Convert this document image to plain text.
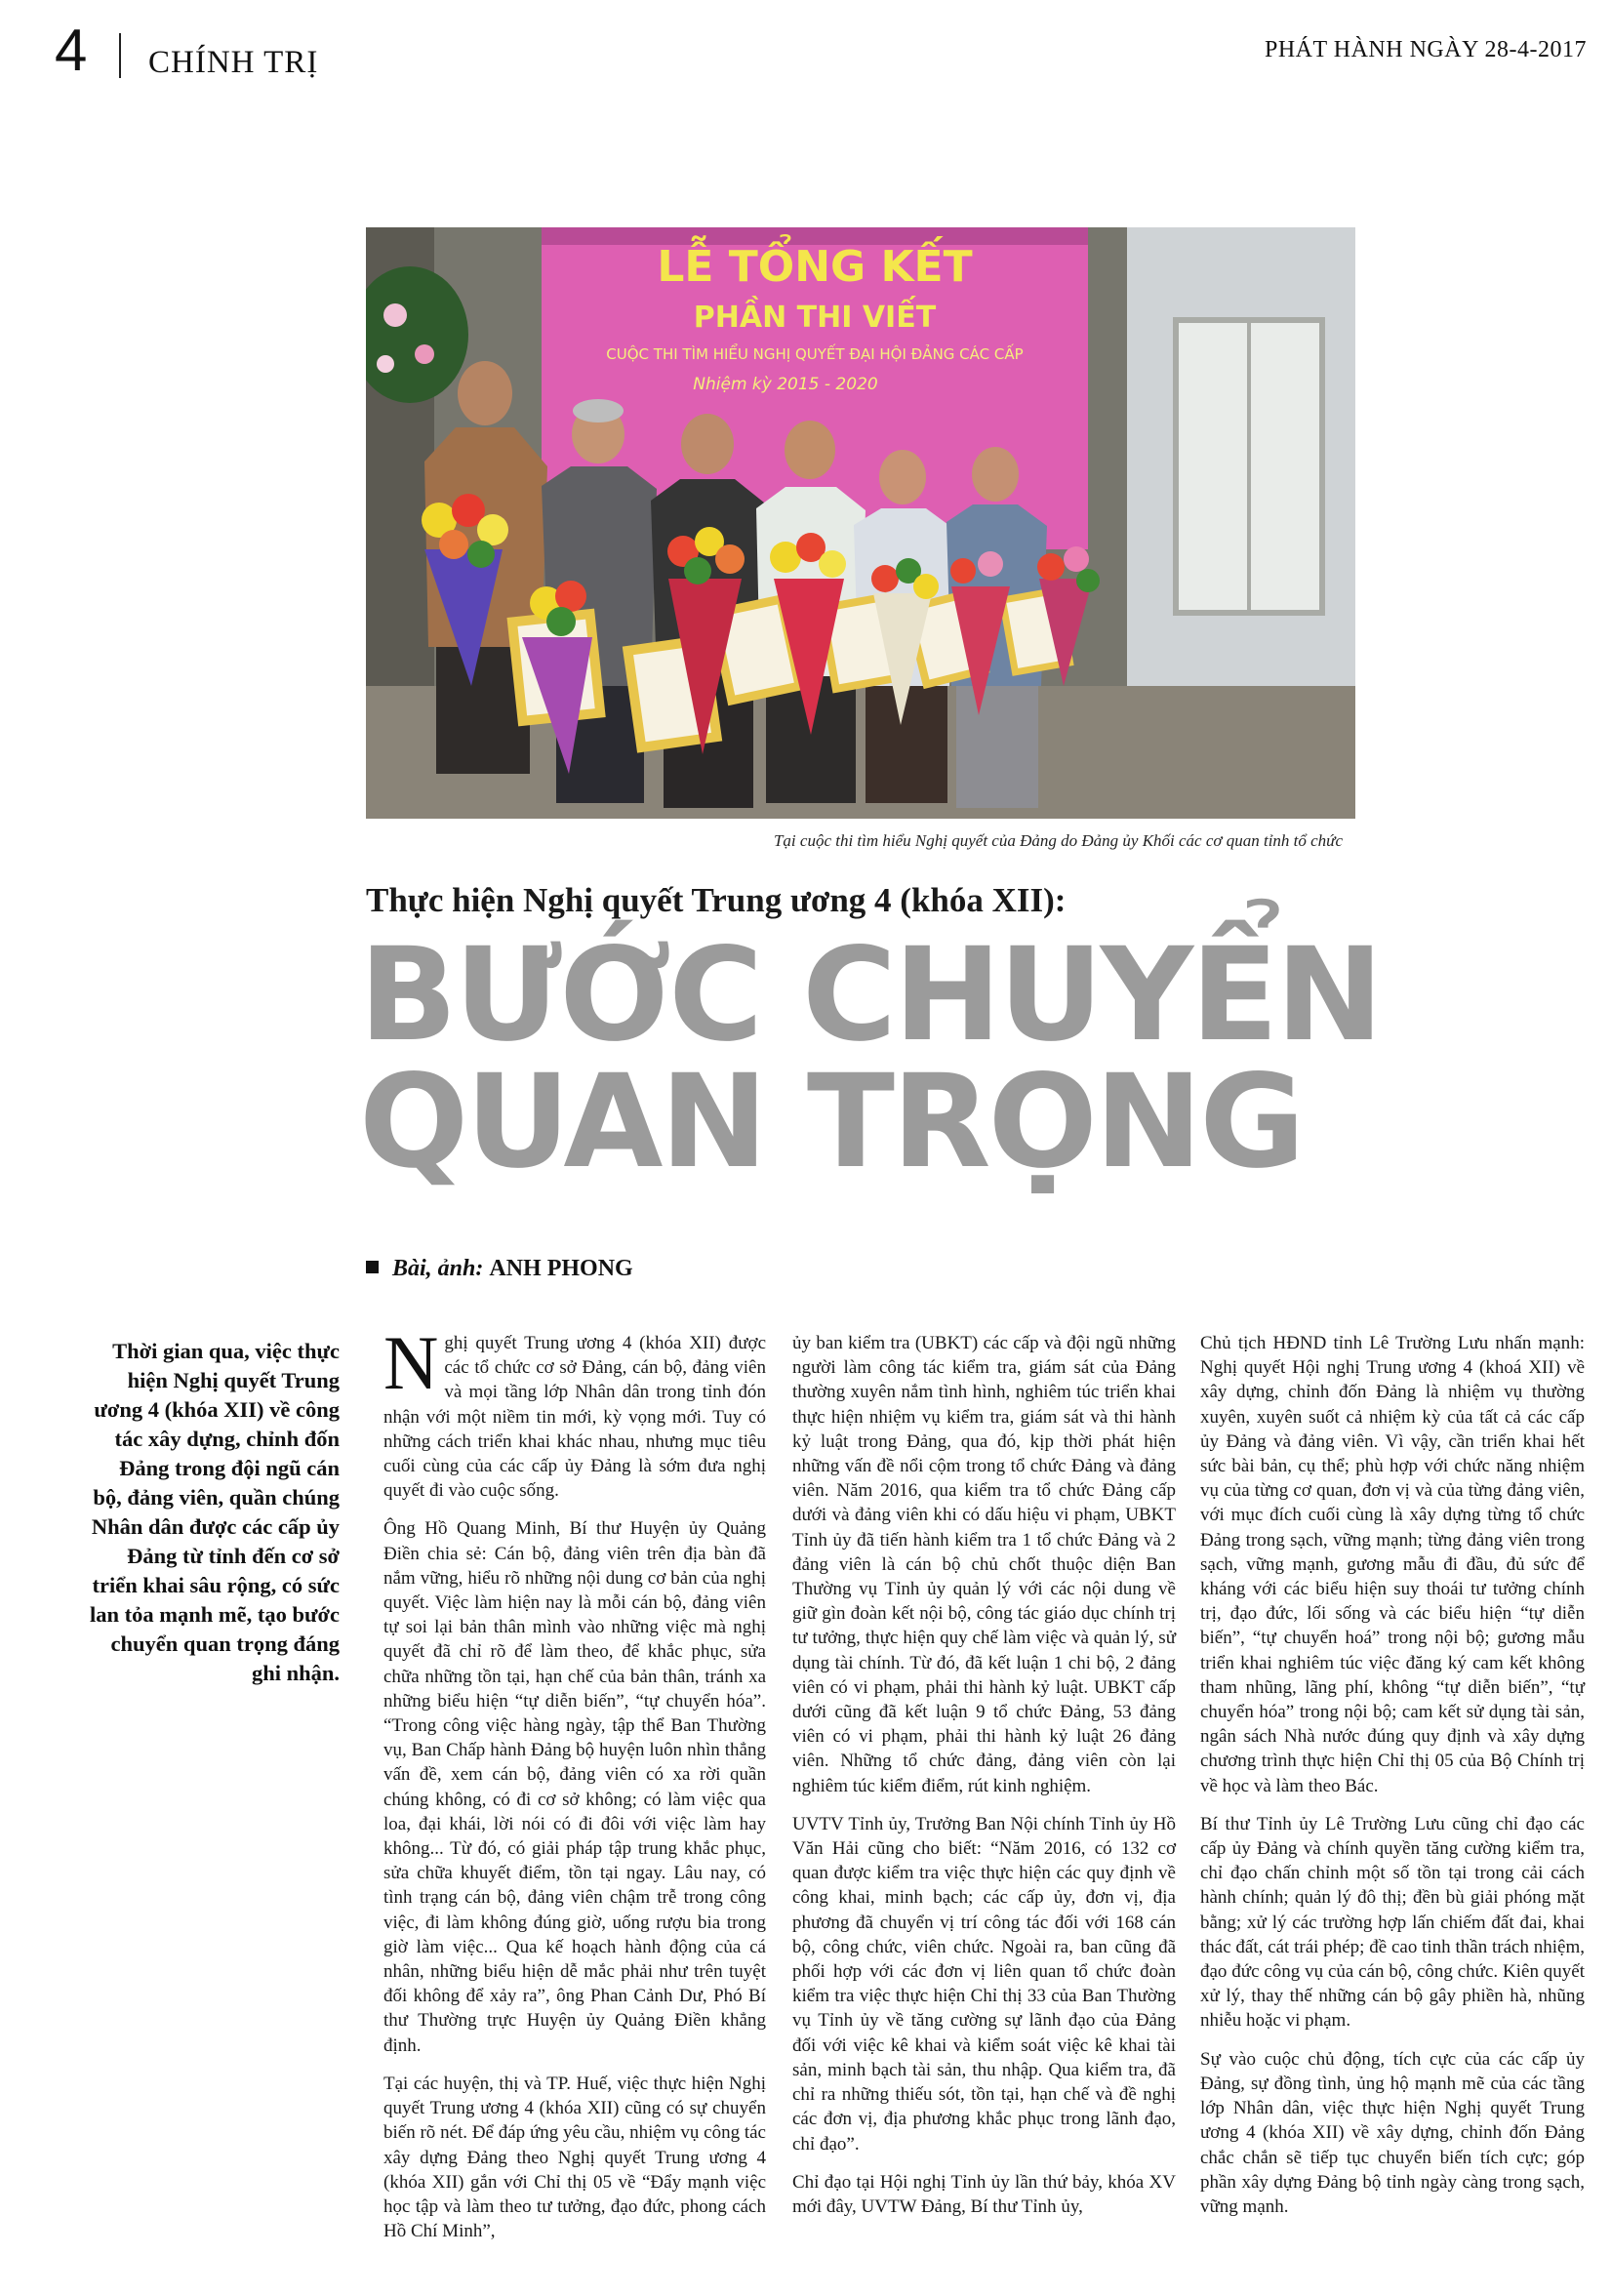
4 CHÍNH TRỊ	PHÁT HÀNH NGÀY 28-4-2017
LỄ TỔNG KẾT
PHẦN THI VIẾT
CUỘC THI TÌM HIỂU NGHỊ QUYẾT ĐẠI HỘI ĐẢNG CÁC CẤP
Nhiệm kỳ 2015 - 2020
Tại cuộc thi tìm hiểu Nghị quyết của Đảng do Đảng ủy Khối các cơ quan tỉnh tổ chức
Thực hiện Nghị quyết Trung ương 4 (khóa XII):
BƯỚC CHUYỂN
QUAN TRỌNG
Bài, ảnh: ANH PHONG
Thời gian qua, việc thực hiện Nghị quyết Trung ương 4 (khóa XII) về công tác xây dựng, chỉnh đốn Đảng trong đội ngũ cán bộ, đảng viên, quần chúng Nhân dân được các cấp ủy Đảng từ tỉnh đến cơ sở triển khai sâu rộng, có sức lan tỏa mạnh mẽ, tạo bước chuyển quan trọng đáng ghi nhận.

Nghị quyết Trung ương 4 (khóa XII) được các tổ chức cơ sở Đảng, cán bộ, đảng viên và mọi tầng lớp Nhân dân trong tỉnh đón nhận với một niềm tin mới, kỳ vọng mới. Tuy có những cách triển khai khác nhau, nhưng mục tiêu cuối cùng của các cấp ủy Đảng là sớm đưa nghị quyết đi vào cuộc sống.

Ông Hồ Quang Minh, Bí thư Huyện ủy Quảng Điền chia sẻ: Cán bộ, đảng viên trên địa bàn đã nắm vững, hiểu rõ những nội dung cơ bản của nghị quyết. Việc làm hiện nay là mỗi cán bộ, đảng viên tự soi lại bản thân mình vào những việc mà nghị quyết đã chỉ rõ để làm theo, để khắc phục, sửa chữa những tồn tại, hạn chế của bản thân, tránh xa những biểu hiện “tự diễn biến”, “tự chuyển hóa”. “Trong công việc hàng ngày, tập thể Ban Thường vụ, Ban Chấp hành Đảng bộ huyện luôn nhìn thẳng vấn đề, xem cán bộ, đảng viên có xa rời quần chúng không, có đi cơ sở không; có làm việc qua loa, đại khái, lời nói có đi đôi với việc làm hay không... Từ đó, có giải pháp tập trung khắc phục, sửa chữa khuyết điểm, tồn tại ngay. Lâu nay, có tình trạng cán bộ, đảng viên chậm trễ trong công việc, đi làm không đúng giờ, uống rượu bia trong giờ làm việc... Qua kế hoạch hành động của cá nhân, những biểu hiện dễ mắc phải như trên tuyệt đối không để xảy ra”, ông Phan Cảnh Dư, Phó Bí thư Thường trực Huyện ủy Quảng Điền khẳng định.

Tại các huyện, thị và TP. Huế, việc thực hiện Nghị quyết Trung ương 4 (khóa XII) cũng có sự chuyển biến rõ nét. Để đáp ứng yêu cầu, nhiệm vụ công tác xây dựng Đảng theo Nghị quyết Trung ương 4 (khóa XII) gắn với Chỉ thị 05 về “Đẩy mạnh việc học tập và làm theo tư tưởng, đạo đức, phong cách Hồ Chí Minh”,

ủy ban kiểm tra (UBKT) các cấp và đội ngũ những người làm công tác kiểm tra, giám sát của Đảng thường xuyên nắm tình hình, nghiêm túc triển khai thực hiện nhiệm vụ kiểm tra, giám sát và thi hành kỷ luật trong Đảng, qua đó, kịp thời phát hiện những vấn đề nổi cộm trong tổ chức Đảng và đảng viên. Năm 2016, qua kiểm tra tổ chức Đảng cấp dưới và đảng viên khi có dấu hiệu vi phạm, UBKT Tỉnh ủy đã tiến hành kiểm tra 1 tổ chức Đảng và 2 đảng viên là cán bộ chủ chốt thuộc diện Ban Thường vụ Tỉnh ủy quản lý với các nội dung về giữ gìn đoàn kết nội bộ, công tác giáo dục chính trị tư tưởng, thực hiện quy chế làm việc và quản lý, sử dụng tài chính. Từ đó, đã kết luận 1 chi bộ, 2 đảng viên có vi phạm, phải thi hành kỷ luật. UBKT cấp dưới cũng đã kết luận 9 tổ chức Đảng, 53 đảng viên có vi phạm, phải thi hành kỷ luật 26 đảng viên. Những tổ chức đảng, đảng viên còn lại nghiêm túc kiểm điểm, rút kinh nghiệm.

UVTV Tỉnh ủy, Trưởng Ban Nội chính Tỉnh ủy Hồ Văn Hải cũng cho biết: “Năm 2016, có 132 cơ quan được kiểm tra việc thực hiện các quy định về công khai, minh bạch; các cấp ủy, đơn vị, địa phương đã chuyển vị trí công tác đối với 168 cán bộ, công chức, viên chức. Ngoài ra, ban cũng đã phối hợp với các đơn vị liên quan tổ chức đoàn kiểm tra việc thực hiện Chỉ thị 33 của Ban Thường vụ Tỉnh ủy về tăng cường sự lãnh đạo của Đảng đối với việc kê khai và kiểm soát việc kê khai tài sản, minh bạch tài sản, thu nhập. Qua kiểm tra, đã chỉ ra những thiếu sót, tồn tại, hạn chế và đề nghị các đơn vị, địa phương khắc phục trong lãnh đạo, chỉ đạo”.

Chỉ đạo tại Hội nghị Tỉnh ủy lần thứ bảy, khóa XV mới đây, UVTW Đảng, Bí thư Tỉnh ủy,

Chủ tịch HĐND tỉnh Lê Trường Lưu nhấn mạnh: Nghị quyết Hội nghị Trung ương 4 (khoá XII) về xây dựng, chỉnh đốn Đảng là nhiệm vụ thường xuyên, xuyên suốt cả nhiệm kỳ của tất cả các cấp ủy Đảng và đảng viên. Vì vậy, cần triển khai hết sức bài bản, cụ thể; phù hợp với chức năng nhiệm vụ của từng cơ quan, đơn vị và của từng đảng viên, với mục đích cuối cùng là xây dựng từng tổ chức Đảng trong sạch, vững mạnh; từng đảng viên trong sạch, vững mạnh, gương mẫu đi đầu, đủ sức để kháng với các biểu hiện suy thoái tư tưởng chính trị, đạo đức, lối sống và các biểu hiện “tự diễn biến”, “tự chuyển hoá” trong nội bộ; gương mẫu triển khai nghiêm túc việc đăng ký cam kết không tham nhũng, lãng phí, không “tự diễn biến”, “tự chuyển hóa” trong nội bộ; cam kết sử dụng tài sản, ngân sách Nhà nước đúng quy định và xây dựng chương trình thực hiện Chỉ thị 05 của Bộ Chính trị về học và làm theo Bác.

Bí thư Tỉnh ủy Lê Trường Lưu cũng chỉ đạo các cấp ủy Đảng và chính quyền tăng cường kiểm tra, chỉ đạo chấn chỉnh một số tồn tại trong cải cách hành chính; quản lý đô thị; đền bù giải phóng mặt bằng; xử lý các trường hợp lấn chiếm đất đai, khai thác đất, cát trái phép; đề cao tinh thần trách nhiệm, đạo đức công vụ của cán bộ, công chức. Kiên quyết xử lý, thay thế những cán bộ gây phiền hà, nhũng nhiễu hoặc vi phạm.

Sự vào cuộc chủ động, tích cực của các cấp ủy Đảng, sự đồng tình, ủng hộ mạnh mẽ của các tầng lớp Nhân dân, việc thực hiện Nghị quyết Trung ương 4 (khóa XII) về xây dựng, chỉnh đốn Đảng chắc chắn sẽ tiếp tục chuyển biến tích cực; góp phần xây dựng Đảng bộ tỉnh ngày càng trong sạch, vững mạnh.
